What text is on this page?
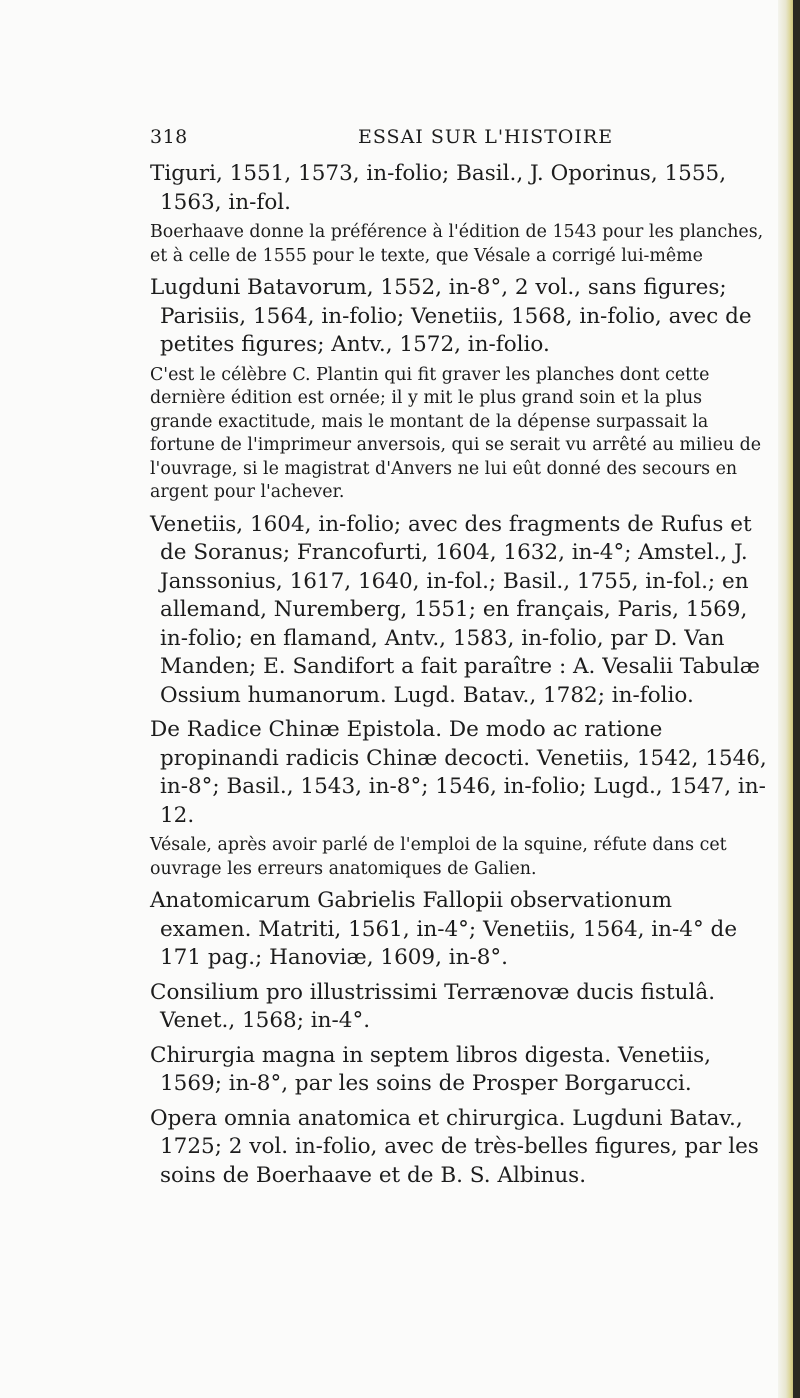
318	ESSAI SUR L'HISTOIRE

Tiguri, 1551, 1573, in-folio; Basil., J. Oporinus, 1555, 1563, in-fol.

Boerhaave donne la préférence à l'édition de 1543 pour les planches, et à celle de 1555 pour le texte, que Vésale a corrigé lui-même

Lugduni Batavorum, 1552, in-8°, 2 vol., sans figures; Parisiis, 1564, in-folio; Venetiis, 1568, in-folio, avec de petites figures; Antv., 1572, in-folio.

C'est le célèbre C. Plantin qui fit graver les planches dont cette dernière édition est ornée; il y mit le plus grand soin et la plus grande exactitude, mais le montant de la dépense surpassait la fortune de l'imprimeur anversois, qui se serait vu arrêté au milieu de l'ouvrage, si le magistrat d'Anvers ne lui eût donné des secours en argent pour l'achever.

Venetiis, 1604, in-folio; avec des fragments de Rufus et de Soranus; Francofurti, 1604, 1632, in-4°; Amstel., J. Janssonius, 1617, 1640, in-fol.; Basil., 1755, in-fol.; en allemand, Nuremberg, 1551; en français, Paris, 1569, in-folio; en flamand, Antv., 1583, in-folio, par D. Van Manden; E. Sandifort a fait paraître : A. Vesalii Tabulæ Ossium humanorum. Lugd. Batav., 1782; in-folio.

De Radice Chinæ Epistola. De modo ac ratione propinandi radicis Chinæ decocti. Venetiis, 1542, 1546, in-8°; Basil., 1543, in-8°; 1546, in-folio; Lugd., 1547, in-12.

Vésale, après avoir parlé de l'emploi de la squine, réfute dans cet ouvrage les erreurs anatomiques de Galien.

Anatomicarum Gabrielis Fallopii observationum examen. Matriti, 1561, in-4°; Venetiis, 1564, in-4° de 171 pag.; Hanoviæ, 1609, in-8°.

Consilium pro illustrissimi Terrænovæ ducis fistulâ. Venet., 1568; in-4°.

Chirurgia magna in septem libros digesta. Venetiis, 1569; in-8°, par les soins de Prosper Borgarucci.

Opera omnia anatomica et chirurgica. Lugduni Batav., 1725; 2 vol. in-folio, avec de très-belles figures, par les soins de Boerhaave et de B. S. Albinus.
